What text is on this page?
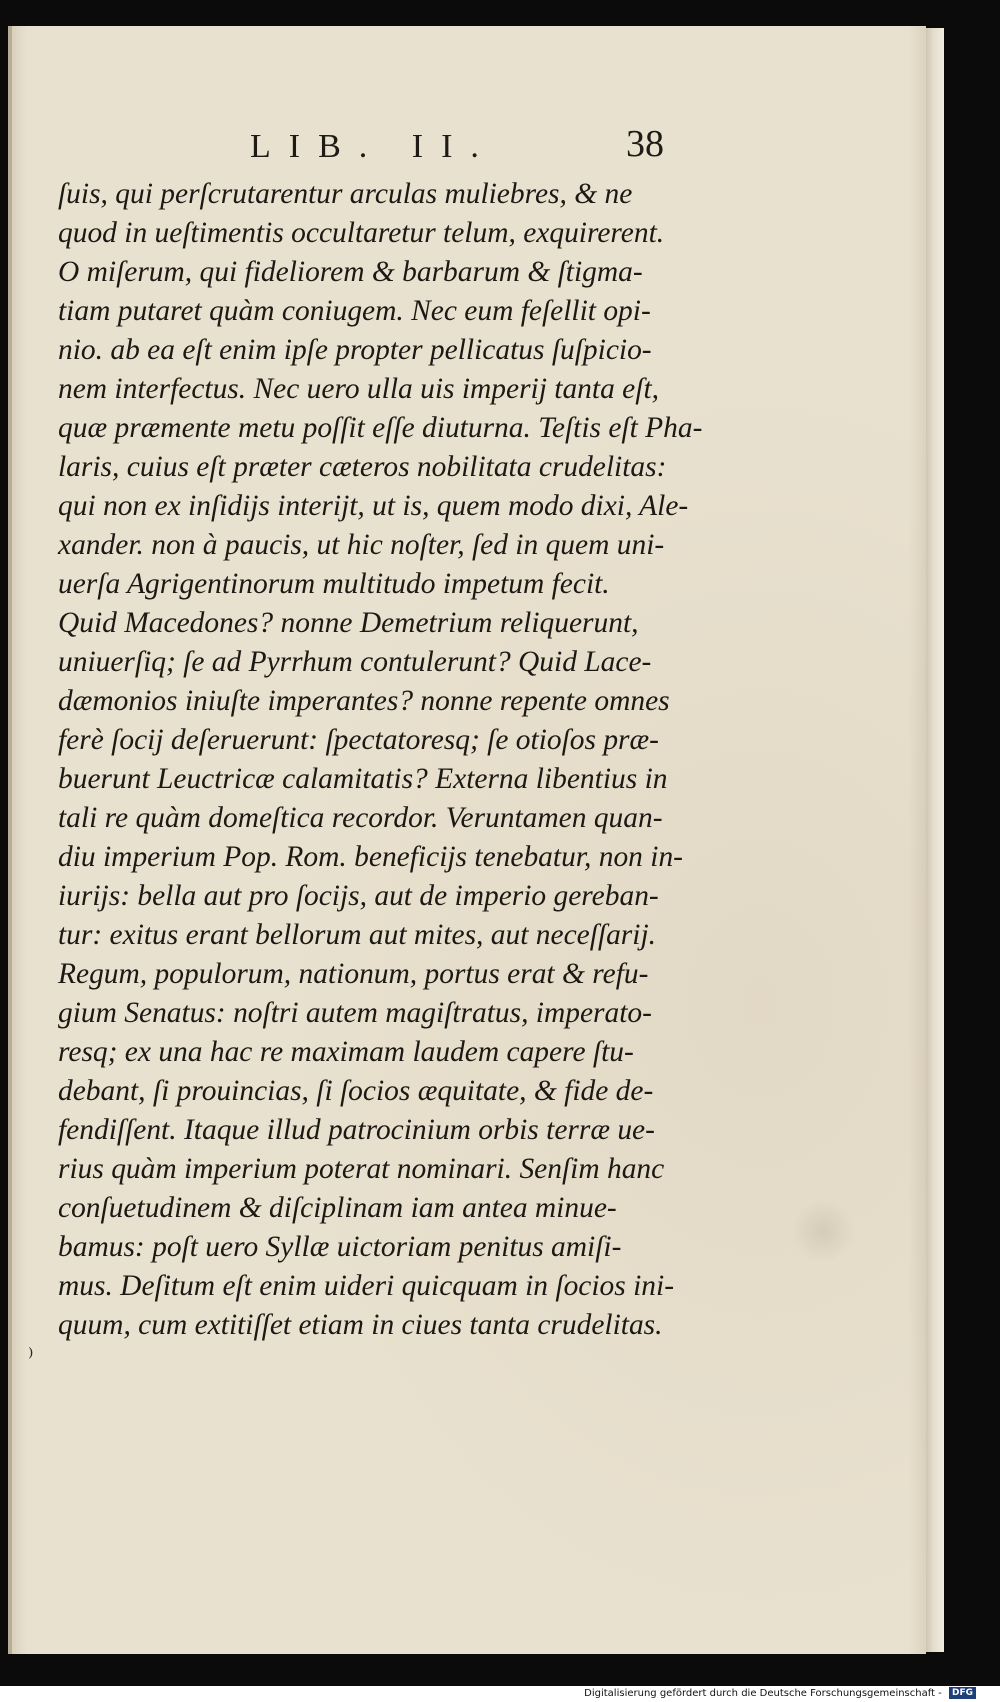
LIB. II.	38
ſuis, qui perſcrutarentur arculas muliebres, & ne
quod in ueſtimentis occultaretur telum, exquirerent.
O miſerum, qui fideliorem & barbarum & ſtigma-
tiam putaret quàm coniugem. Nec eum feſellit opi-
nio. ab ea eſt enim ipſe propter pellicatus ſuſpicio-
nem interfectus. Nec uero ulla uis imperij tanta eſt,
quæ præmente metu poſſit eſſe diuturna. Teſtis eſt Pha-
laris, cuius eſt præter cæteros nobilitata crudelitas:
qui non ex inſidijs interijt, ut is, quem modo dixi, Ale-
xander. non à paucis, ut hic noſter, ſed in quem uni-
uerſa Agrigentinorum multitudo impetum fecit.
Quid Macedones? nonne Demetrium reliquerunt,
uniuerſiq; ſe ad Pyrrhum contulerunt? Quid Lace-
dæmonios iniuſte imperantes? nonne repente omnes
ferè ſocij deſeruerunt: ſpectatoresq; ſe otioſos præ-
buerunt Leuctricæ calamitatis? Externa libentius in
tali re quàm domeſtica recordor. Veruntamen quan-
diu imperium Pop. Rom. beneficijs tenebatur, non in-
iurijs: bella aut pro ſocijs, aut de imperio gereban-
tur: exitus erant bellorum aut mites, aut neceſſarij.
Regum, populorum, nationum, portus erat & refu-
gium Senatus: noſtri autem magiſtratus, imperato-
resq; ex una hac re maximam laudem capere ſtu-
debant, ſi prouincias, ſi ſocios æquitate, & fide de-
fendiſſent. Itaque illud patrocinium orbis terræ ue-
rius quàm imperium poterat nominari. Senſim hanc
conſuetudinem & diſciplinam iam antea minue-
bamus: poſt uero Syllæ uictoriam penitus amiſi-
mus. Deſitum eſt enim uideri quicquam in ſocios ini-
quum, cum extitiſſet etiam in ciues tanta crudelitas.
⁾
Digitalisierung gefördert durch die Deutsche Forschungsgemeinschaft - DFG
